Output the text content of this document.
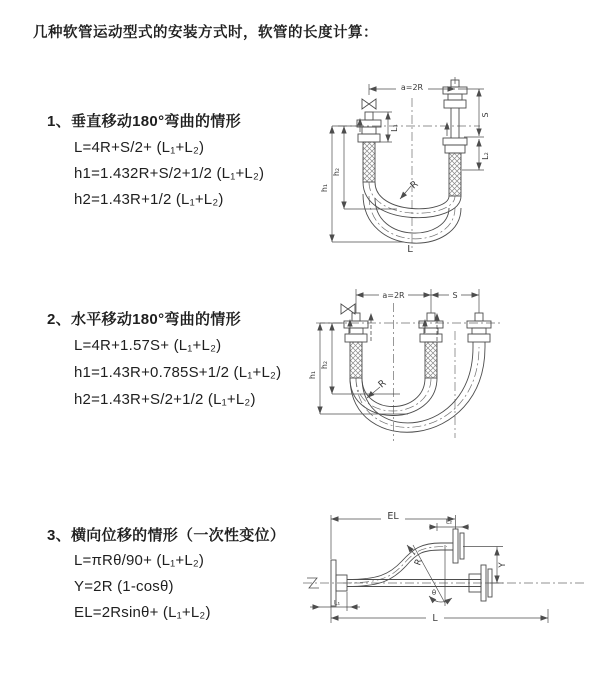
几种软管运动型式的安装方式时，软管的长度计算：
1、垂直移动180°弯曲的情形
L=4R+S/2+ (L₁+L₂)
h1=1.432R+S/2+1/2 (L₁+L₂)
h2=1.43R+1/2 (L₁+L₂)
2、水平移动180°弯曲的情形
L=4R+1.57S+ (L₁+L₂)
h1=1.43R+0.785S+1/2 (L₁+L₂)
h2=1.43R+S/2+1/2 (L₁+L₂)
3、横向位移的情形（一次性变位）
L=πRθ/90+ (L₁+L₂)
Y=2R (1-cosθ)
EL=2Rsinθ+ (L₁+L₂)
a=2R
S
L₂
L₁
h₁
h₂
R
L
a=2R	S
h₁
h₂
R
EL	L₂
Y
L
L₁
R
θ
